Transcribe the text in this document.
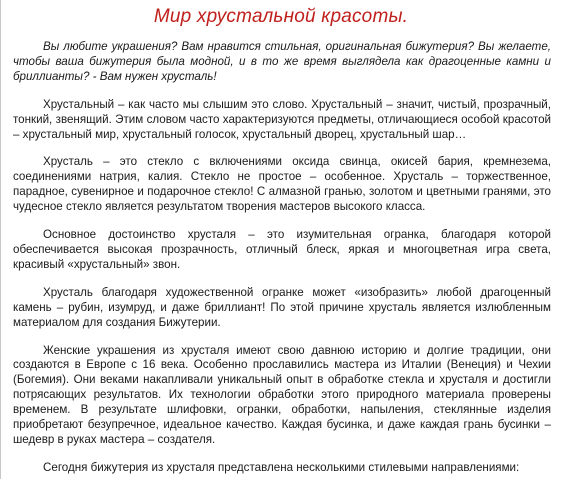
Мир хрустальной красоты.

Вы любите украшения? Вам нравится стильная, оригинальная бижутерия? Вы желаете, чтобы ваша бижутерия была модной, и в то же время выглядела как драгоценные камни и бриллианты? - Вам нужен хрусталь!

Хрустальный – как часто мы слышим это слово. Хрустальный – значит, чистый, прозрачный, тонкий, звенящий. Этим словом часто характеризуются предметы, отличающиеся особой красотой – хрустальный мир, хрустальный голосок, хрустальный дворец, хрустальный шар…

Хрусталь – это стекло с включениями оксида свинца, окисей бария, кремнезема, соединениями натрия, калия. Стекло не простое – особенное. Хрусталь – торжественное, парадное, сувенирное и подарочное стекло! С алмазной гранью, золотом и цветными гранями, это чудесное стекло является результатом творения мастеров высокого класса.

Основное достоинство хрусталя – это изумительная огранка, благодаря которой обеспечивается высокая прозрачность, отличный блеск, яркая и многоцветная игра света, красивый «хрустальный» звон.

Хрусталь благодаря художественной огранке может «изобразить» любой драгоценный камень – рубин, изумруд, и даже бриллиант! По этой причине хрусталь является излюбленным материалом для создания Бижутерии.

Женские украшения из хрусталя имеют свою давнюю историю и долгие традиции, они создаются в Европе с 16 века. Особенно прославились мастера из Италии (Венеция) и Чехии (Богемия). Они веками накапливали уникальный опыт в обработке стекла и хрусталя и достигли потрясающих результатов. Их технологии обработки этого природного материала проверены временем. В результате шлифовки, огранки, обработки, напыления, стеклянные изделия приобретают безупречное, идеальное качество. Каждая бусинка, и даже каждая грань бусинки – шедевр в руках мастера – создателя.

Сегодня бижутерия из хрусталя представлена несколькими стилевыми направлениями:
